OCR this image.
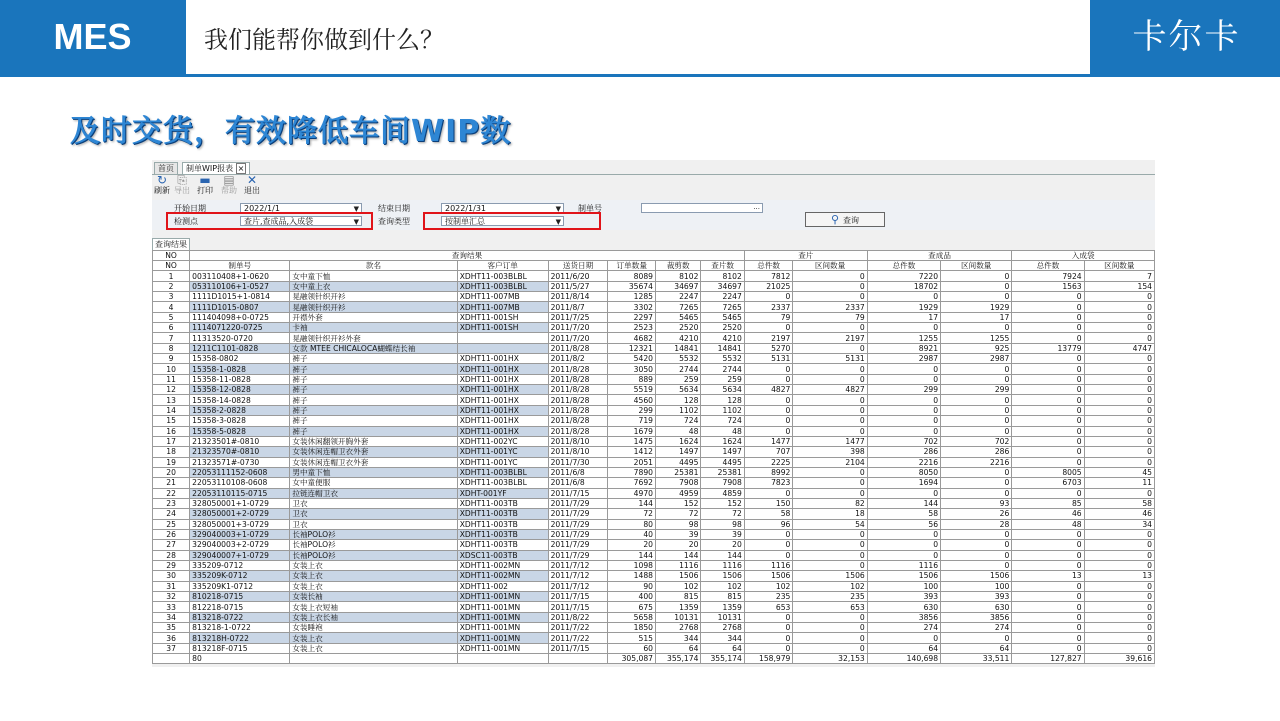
MES	我们能帮你做到什么？	卡尔卡
及时交货，有效降低车间WIP数
首页	制单WIP报表 ×
↻
刷新
⎘
导出
▬
打印
▤
帮助
✕
退出
开始日期	2022/1/1	▼ 结束日期	2022/1/31	▼ 制单号	···
检测点	查片,查成品,入成袋	▼ 查询类型	按制单汇总	▼	⚲ 查询
查询结果
NO	查询结果							查片		查成品		入成袋	
NO	制单号	款名	客户订单	送货日期	订单数量	裁剪数	查片数	总件数	区间数量	总件数	区间数量	总件数	区间数量
1	003110408+1-0620	女中童下恤	XDHT11-003BLBL	2011/6/20	8089	8102	8102	7812	0	7220	0	7924	7
2	053110106+1-0527	女中童上衣	XDHT11-003BLBL	2011/5/27	35674	34697	34697	21025	0	18702	0	1563	154
3	1111D1015+1-0814	晃融领针织开衫	XDHT11-007MB	2011/8/14	1285	2247	2247	0	0	0	0	0	0
4	1111D1015-0807	晃融领针织开衫	XDHT11-007MB	2011/8/7	3302	7265	7265	2337	2337	1929	1929	0	0
5	111404098+0-0725	开襟外套	XDHT11-001SH	2011/7/25	2297	5465	5465	79	79	17	17	0	0
6	1114071220-0725	卡袖	XDHT11-001SH	2011/7/20	2523	2520	2520	0	0	0	0	0	0
7	11313520-0720	晃融领针织开衫外套		2011/7/20	4682	4210	4210	2197	2197	1255	1255	0	0
8	1211C1101-0828	女款 MTEE CHICALOCA蝴蝶结长袖		2011/8/28	12321	14841	14841	5270	0	8921	925	13779	4747
9	15358-0802	裤子	XDHT11-001HX	2011/8/2	5420	5532	5532	5131	5131	2987	2987	0	0
10	15358-1-0828	裤子	XDHT11-001HX	2011/8/28	3050	2744	2744	0	0	0	0	0	0
11	15358-11-0828	裤子	XDHT11-001HX	2011/8/28	889	259	259	0	0	0	0	0	0
12	15358-12-0828	裤子	XDHT11-001HX	2011/8/28	5519	5634	5634	4827	4827	299	299	0	0
13	15358-14-0828	裤子	XDHT11-001HX	2011/8/28	4560	128	128	0	0	0	0	0	0
14	15358-2-0828	裤子	XDHT11-001HX	2011/8/28	299	1102	1102	0	0	0	0	0	0
15	15358-3-0828	裤子	XDHT11-001HX	2011/8/28	719	724	724	0	0	0	0	0	0
16	15358-5-0828	裤子	XDHT11-001HX	2011/8/28	1679	48	48	0	0	0	0	0	0
17	21323501#-0810	女装休闲翻领开胸外套	XDHT11-002YC	2011/8/10	1475	1624	1624	1477	1477	702	702	0	0
18	21323570#-0810	女装休闲连帽卫衣外套	XDHT11-001YC	2011/8/10	1412	1497	1497	707	398	286	286	0	0
19	21323571#-0730	女装休闲连帽卫衣外套	XDHT11-001YC	2011/7/30	2051	4495	4495	2225	2104	2216	2216	0	0
20	22053111152-0608	男中童下恤	XDHT11-003BLBL	2011/6/8	7890	25381	25381	8992	0	8050	0	8005	45
21	22053110108-0608	女中童便服	XDHT11-003BLBL	2011/6/8	7692	7908	7908	7823	0	1694	0	6703	11
22	22053110115-0715	拉链连帽卫衣	XDHT-001YF	2011/7/15	4970	4959	4859	0	0	0	0	0	0
23	328050001+1-0729	卫衣	XDHT11-003TB	2011/7/29	144	152	152	150	82	144	93	85	58
24	328050001+2-0729	卫衣	XDHT11-003TB	2011/7/29	72	72	72	58	18	58	26	46	46
25	328050001+3-0729	卫衣	XDHT11-003TB	2011/7/29	80	98	98	96	54	56	28	48	34
26	329040003+1-0729	长袖POLO衫	XDHT11-003TB	2011/7/29	40	39	39	0	0	0	0	0	0
27	329040003+2-0729	长袖POLO衫	XDHT11-003TB	2011/7/29	20	20	20	0	0	0	0	0	0
28	329040007+1-0729	长袖POLO衫	XDSC11-003TB	2011/7/29	144	144	144	0	0	0	0	0	0
29	335209-0712	女装上衣	XDHT11-002MN	2011/7/12	1098	1116	1116	1116	0	1116	0	0	0
30	335209K-0712	女装上衣	XDHT11-002MN	2011/7/12	1488	1506	1506	1506	1506	1506	1506	13	13
31	335209K1-0712	女装上衣	XDHT11-002	2011/7/12	90	102	102	102	102	100	100	0	0
32	810218-0715	女装长袖	XDHT11-001MN	2011/7/15	400	815	815	235	235	393	393	0	0
33	812218-0715	女装上衣短袖	XDHT11-001MN	2011/7/15	675	1359	1359	653	653	630	630	0	0
34	813218-0722	女装上衣长袖	XDHT11-001MN	2011/8/22	5658	10131	10131	0	0	3856	3856	0	0
35	813218-1-0722	女装睡袍	XDHT11-001MN	2011/7/22	1850	2768	2768	0	0	274	274	0	0
36	813218H-0722	女装上衣	XDHT11-001MN	2011/7/22	515	344	344	0	0	0	0	0	0
37	813218F-0715	女装上衣	XDHT11-001MN	2011/7/15	60	64	64	0	0	64	64	0	0
	80				305,087	355,174	355,174	158,979	32,153	140,698	33,511	127,827	39,616
